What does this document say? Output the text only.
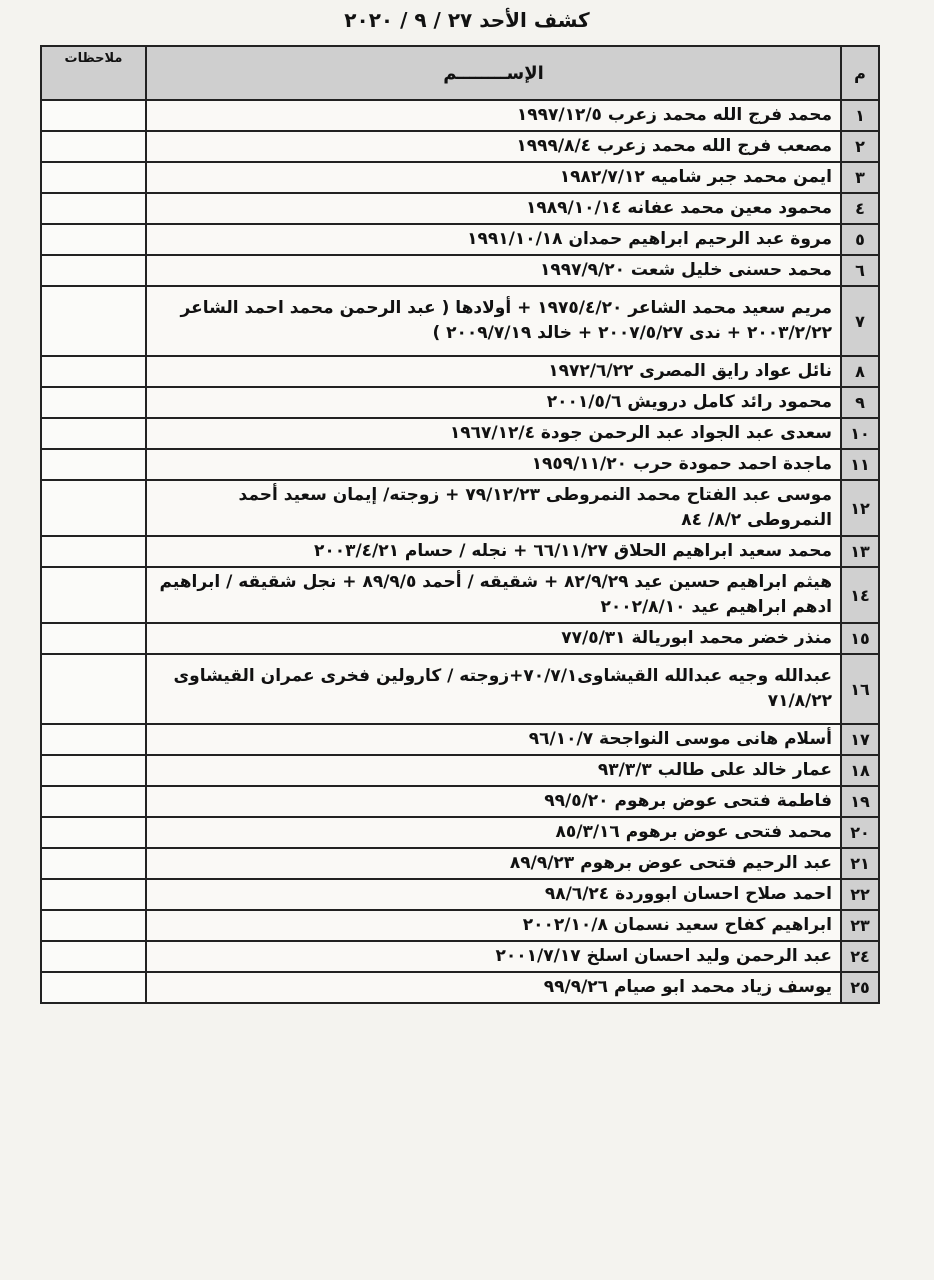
كشف الأحد ٢٧ / ٩ / ٢٠٢٠
م	الإســــــــم	ملاحظات
١	محمد فرج الله محمد زعرب ١٩٩٧/١٢/٥	
٢	مصعب فرج الله محمد زعرب ١٩٩٩/٨/٤	
٣	ايمن محمد جبر شاميه ١٩٨٢/٧/١٢	
٤	محمود معين محمد عفانه ١٩٨٩/١٠/١٤	
٥	مروة عبد الرحيم ابراهيم حمدان ١٩٩١/١٠/١٨	
٦	محمد حسنى خليل شعت ١٩٩٧/٩/٢٠	
٧	مريم سعيد محمد الشاعر ١٩٧٥/٤/٢٠ + أولادها ( عبد الرحمن محمد احمد الشاعر ٢٠٠٣/٢/٢٢ + ندى ٢٠٠٧/٥/٢٧ + خالد ٢٠٠٩/٧/١٩ )	
٨	نائل عواد رايق المصرى ١٩٧٢/٦/٢٢	
٩	محمود رائد كامل درويش ٢٠٠١/٥/٦	
١٠	سعدى عبد الجواد عبد الرحمن جودة ١٩٦٧/١٢/٤	
١١	ماجدة احمد حمودة حرب ١٩٥٩/١١/٢٠	
١٢	موسى عبد الفتاح محمد النمروطى ٧٩/١٢/٢٣ + زوجته/ إيمان سعيد أحمد النمروطى ٨/٢/ ٨٤	
١٣	محمد سعيد ابراهيم الحلاق ٦٦/١١/٢٧ + نجله / حسام ٢٠٠٣/٤/٢١	
١٤	هيثم ابراهيم حسين عيد ٨٢/٩/٢٩ + شقيقه / أحمد ٨٩/٩/٥ + نجل شقيقه / ابراهيم ادهم ابراهيم عيد ٢٠٠٢/٨/١٠	
١٥	منذر خضر محمد ابوريالة ٧٧/٥/٣١	
١٦	عبدالله وجيه عبدالله القيشاوى٧٠/٧/١+زوجته / كارولين فخرى عمران القيشاوى ٧١/٨/٢٢	
١٧	أسلام هانى موسى النواجحة ٩٦/١٠/٧	
١٨	عمار خالد على طالب ٩٣/٣/٣	
١٩	فاطمة فتحى عوض برهوم ٩٩/٥/٢٠	
٢٠	محمد فتحى عوض برهوم ٨٥/٣/١٦	
٢١	عبد الرحيم فتحى عوض برهوم ٨٩/٩/٢٣	
٢٢	احمد صلاح احسان ابووردة ٩٨/٦/٢٤	
٢٣	ابراهيم كفاح سعيد نسمان ٢٠٠٢/١٠/٨	
٢٤	عبد الرحمن وليد احسان اسلخ ٢٠٠١/٧/١٧	
٢٥	يوسف زياد محمد ابو صيام ٩٩/٩/٢٦	
